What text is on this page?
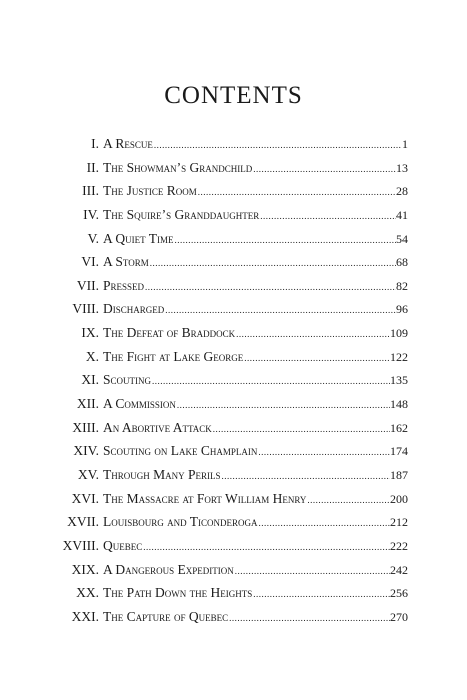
CONTENTS
I. A Rescue .....	1
II. The Showman’s Grandchild .....	13
III. The Justice Room .....	28
IV. The Squire’s Granddaughter .....	41
V. A Quiet Time .....	54
VI. A Storm .....	68
VII. Pressed .....	82
VIII. Discharged .....	96
IX. The Defeat of Braddock .....	109
X. The Fight at Lake George .....	122
XI. Scouting .....	135
XII. A Commission .....	148
XIII. An Abortive Attack .....	162
XIV. Scouting on Lake Champlain .....	174
XV. Through Many Perils .....	187
XVI. The Massacre at Fort William Henry .....	200
XVII. Louisbourg and Ticonderoga .....	212
XVIII. Quebec .....	222
XIX. A Dangerous Expedition .....	242
XX. The Path Down the Heights .....	256
XXI. The Capture of Quebec .....	270
